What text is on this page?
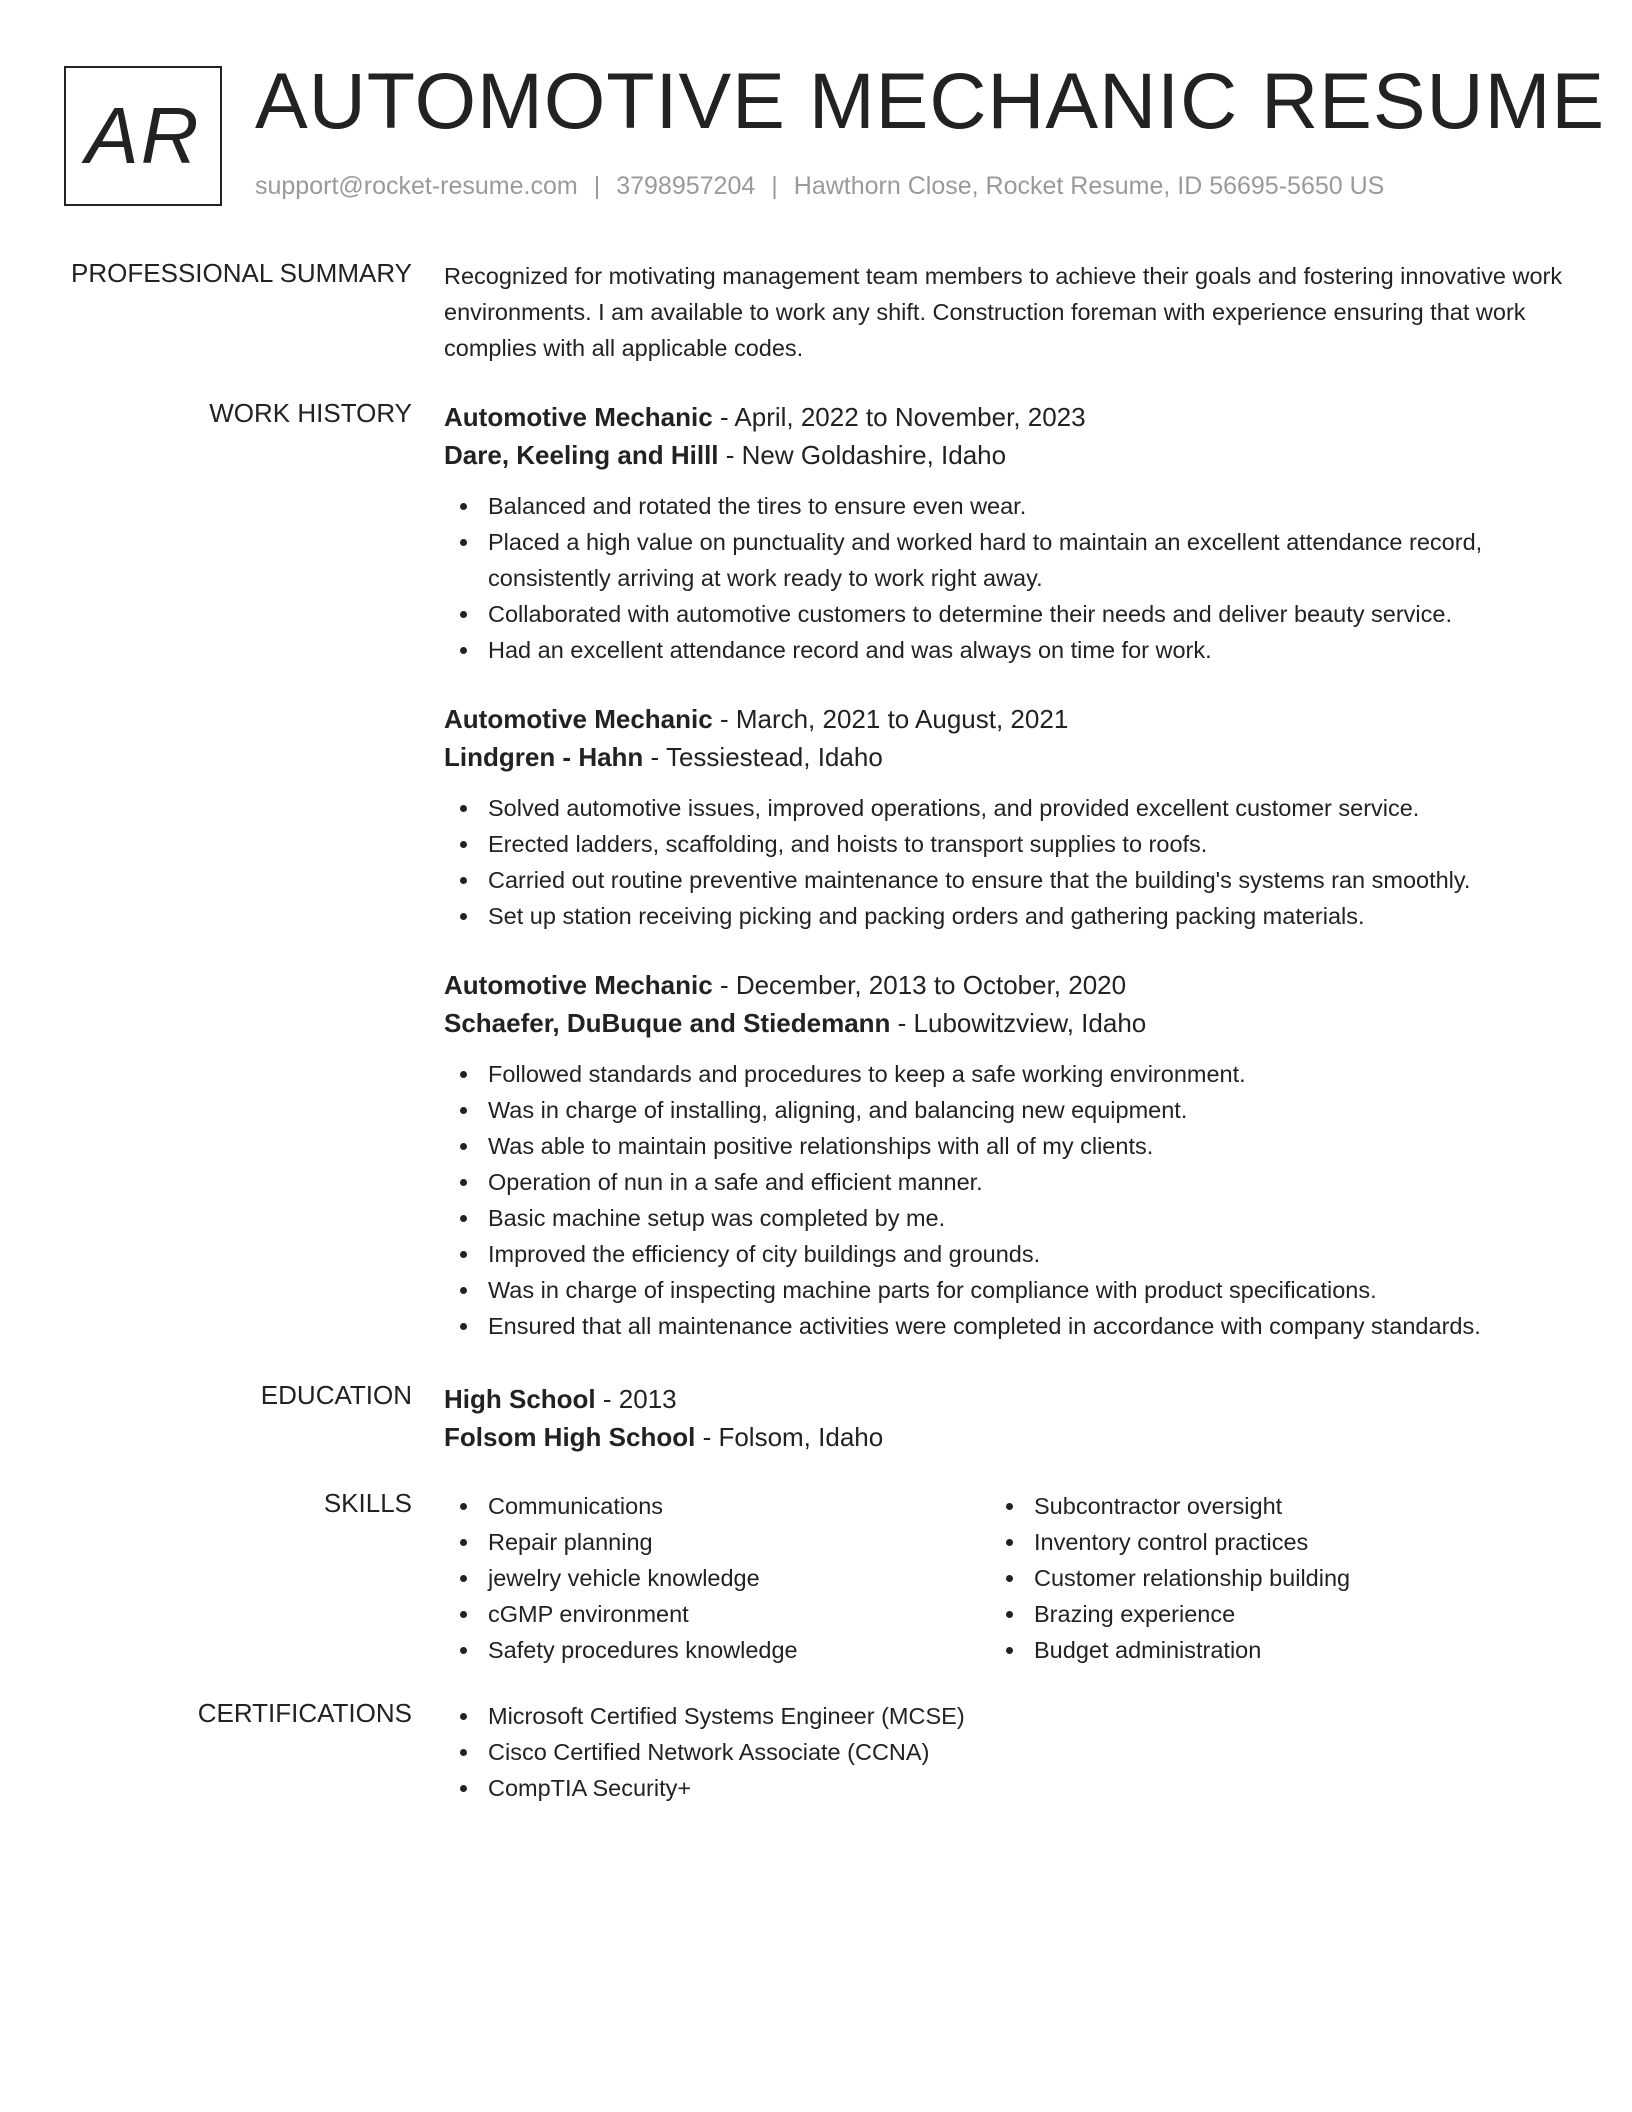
AR AUTOMOTIVE MECHANIC RESUME
support@rocket-resume.com | 3798957204 | Hawthorn Close, Rocket Resume, ID 56695-5650 US
PROFESSIONAL SUMMARY Recognized for motivating management team members to achieve their goals and fostering innovative work environments. I am available to work any shift. Construction foreman with experience ensuring that work complies with all applicable codes.

WORK HISTORY Automotive Mechanic - April, 2022 to November, 2023
Dare, Keeling and Hilll - New Goldashire, Idaho
Balanced and rotated the tires to ensure even wear.
Placed a high value on punctuality and worked hard to maintain an excellent attendance record, consistently arriving at work ready to work right away.
Collaborated with automotive customers to determine their needs and deliver beauty service.
Had an excellent attendance record and was always on time for work.
Automotive Mechanic - March, 2021 to August, 2021
Lindgren - Hahn - Tessiestead, Idaho
Solved automotive issues, improved operations, and provided excellent customer service.
Erected ladders, scaffolding, and hoists to transport supplies to roofs.
Carried out routine preventive maintenance to ensure that the building's systems ran smoothly.
Set up station receiving picking and packing orders and gathering packing materials.
Automotive Mechanic - December, 2013 to October, 2020
Schaefer, DuBuque and Stiedemann - Lubowitzview, Idaho
Followed standards and procedures to keep a safe working environment.
Was in charge of installing, aligning, and balancing new equipment.
Was able to maintain positive relationships with all of my clients.
Operation of nun in a safe and efficient manner.
Basic machine setup was completed by me.
Improved the efficiency of city buildings and grounds.
Was in charge of inspecting machine parts for compliance with product specifications.
Ensured that all maintenance activities were completed in accordance with company standards.
EDUCATION High School - 2013
Folsom High School - Folsom, Idaho
SKILLS	Communications
Repair planning
jewelry vehicle knowledge
cGMP environment
Safety procedures knowledge
Subcontractor oversight
Inventory control practices
Customer relationship building
Brazing experience
Budget administration
CERTIFICATIONS	Microsoft Certified Systems Engineer (MCSE)
Cisco Certified Network Associate (CCNA)
CompTIA Security+
